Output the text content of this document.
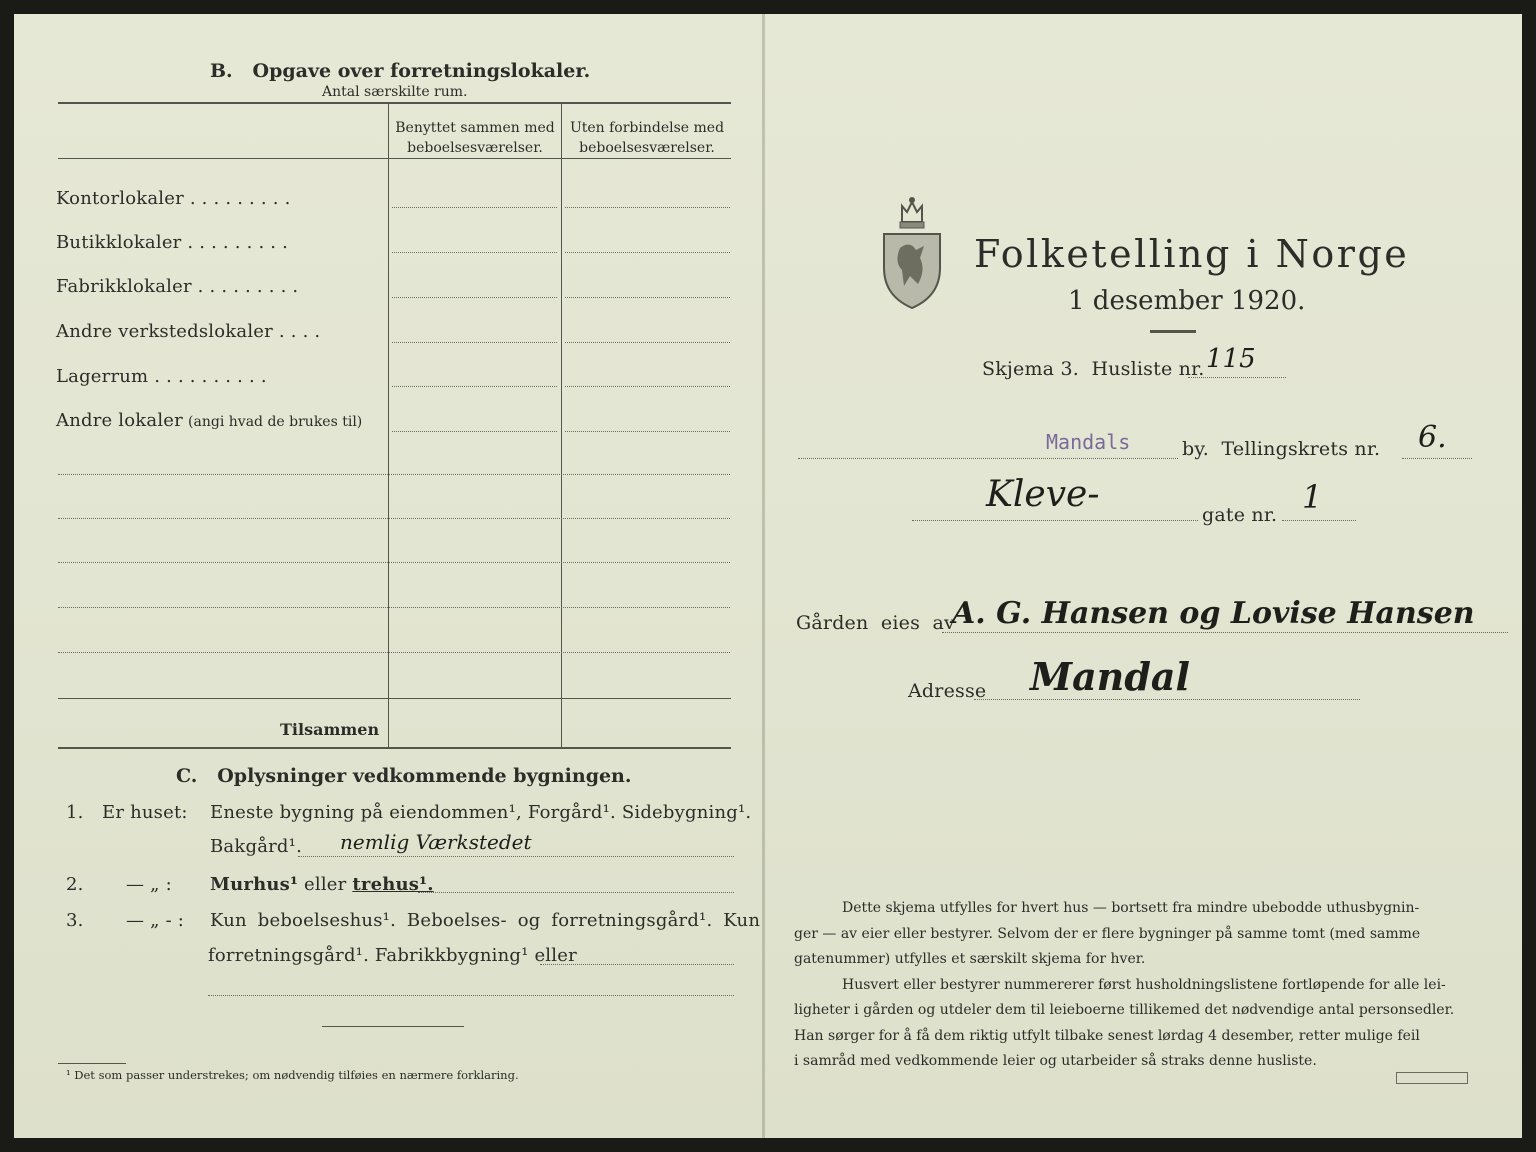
B.   Opgave over forretningslokaler.
Antal særskilte rum.
Benyttet sammen med
beboelsesværelser.
Uten forbindelse med
beboelsesværelser.
Kontorlokaler . . . . . . . . .
Butikklokaler . . . . . . . . .
Fabrikklokaler . . . . . . . . .
Andre verkstedslokaler . . . .
Lagerrum . . . . . . . . . .
Andre lokaler (angi hvad de brukes til)
Tilsammen
C.   Oplysninger vedkommende bygningen.
1. Er huset: Eneste bygning på eiendommen¹, Forgård¹. Sidebygning¹.
Bakgård¹. nemlig Værkstedet
2. — „ : Murhus¹ eller trehus¹.
3. — „ - : Kun beboelseshus¹. Beboelses- og forretningsgård¹. Kun
forretningsgård¹. Fabrikkbygning¹ eller
¹ Det som passer understrekes; om nødvendig tilføies en nærmere forklaring.
Folketelling i Norge
1 desember 1920.
Skjema 3.  Husliste nr. 115
Mandals	by.  Tellingskrets nr. 6.
Kleve-	gate nr. 1
Gården  eies  av
A. G. Hansen og Lovise Hansen
Adresse Mandal
Dette skjema utfylles for hvert hus — bortsett fra mindre ubebodde uthusbygnin-
ger — av eier eller bestyrer. Selvom der er flere bygninger på samme tomt (med samme
gatenummer) utfylles et særskilt skjema for hver.
Husvert eller bestyrer nummererer først husholdningslistene fortløpende for alle lei-
ligheter i gården og utdeler dem til leieboerne tillikemed det nødvendige antal personsedler.
Han sørger for å få dem riktig utfylt tilbake senest lørdag 4 desember, retter mulige feil
i samråd med vedkommende leier og utarbeider så straks denne husliste.
